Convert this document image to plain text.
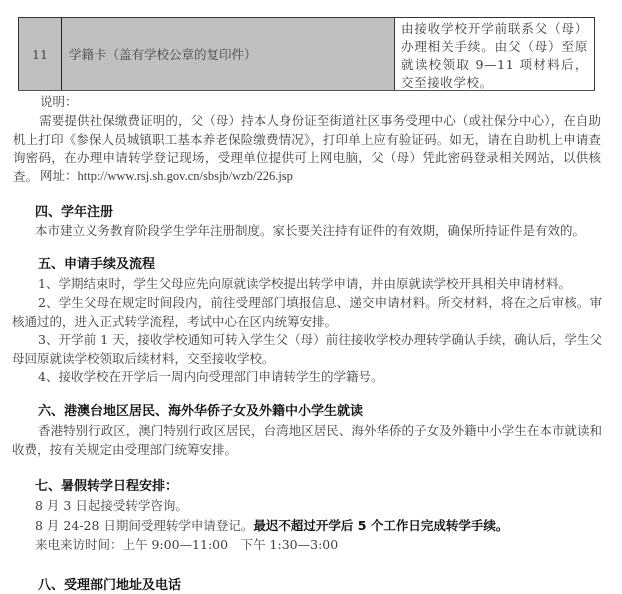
11	学籍卡（盖有学校公章的复印件）
由接收学校开学前联系父（母）办理相关手续。由父（母）至原就读校领取 9—11 项材料后，交至接收学校。
说明：
需要提供社保缴费证明的，父（母）持本人身份证至街道社区事务受理中心（或社保分中心），在自助机上打印《参保人员城镇职工基本养老保险缴费情况》，打印单上应有验证码。如无，请在自助机上申请查询密码，在办理申请转学登记现场，受理单位提供可上网电脑，父（母）凭此密码登录相关网站，以供核查。 网址：http://www.rsj.sh.gov.cn/sbsjb/wzb/226.jsp
四、学年注册
本市建立义务教育阶段学生学年注册制度。家长要关注持有证件的有效期，确保所持证件是有效的。
五、申请手续及流程
1、学期结束时，学生父母应先向原就读学校提出转学申请，并由原就读学校开具相关申请材料。
2、学生父母在规定时间段内，前往受理部门填报信息、递交申请材料。所交材料，将在之后审核。审核通过的，进入正式转学流程，考试中心在区内统筹安排。
3、开学前 1 天，接收学校通知可转入学生父（母）前往接收学校办理转学确认手续，确认后，学生父母回原就读学校领取后续材料，交至接收学校。
4、接收学校在开学后一周内向受理部门申请转学生的学籍号。
六、港澳台地区居民、海外华侨子女及外籍中小学生就读
香港特别行政区，澳门特别行政区居民，台湾地区居民、海外华侨的子女及外籍中小学生在本市就读和收费，按有关规定由受理部门统筹安排。
七、暑假转学日程安排：
8 月 3 日起接受转学咨询。
8 月 24-28 日期间受理转学申请登记。最迟不超过开学后 5 个工作日完成转学手续。
来电来访时间：上午 9:00—11:00　下午 1:30—3:00
八、受理部门地址及电话
